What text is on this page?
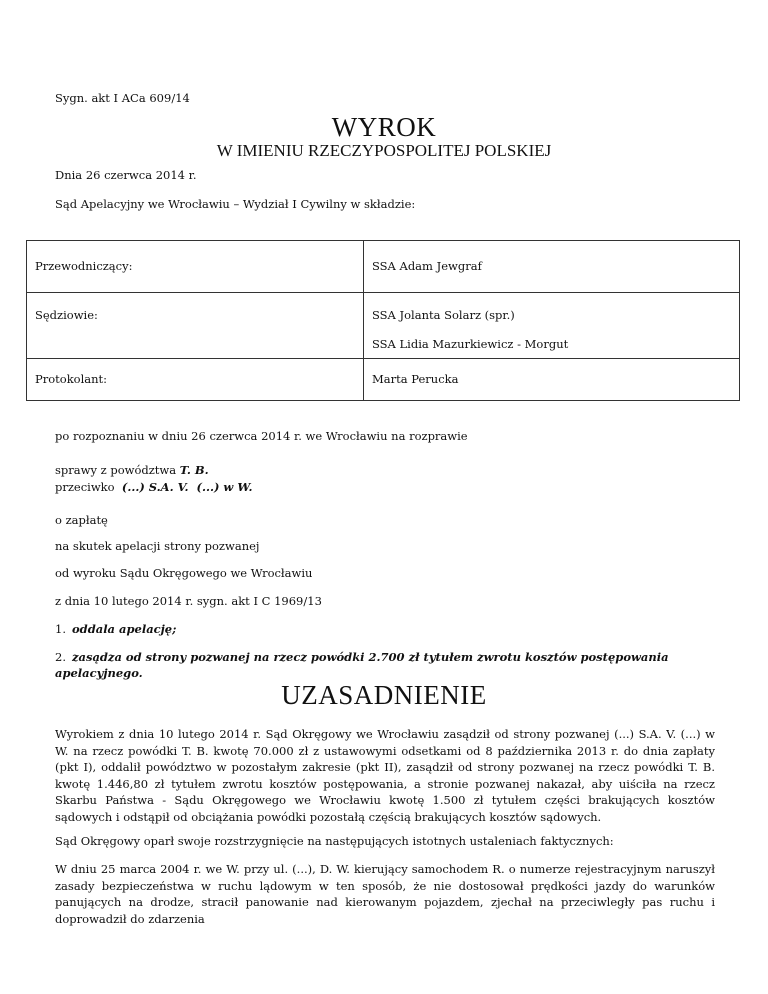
Sygn. akt I ACa 609/14
WYROK
W IMIENIU RZECZYPOSPOLITEJ POLSKIEJ
Dnia 26 czerwca 2014 r.
Sąd Apelacyjny we Wrocławiu – Wydział I Cywilny w składzie:
Przewodniczący:	SSA Adam Jewgraf

Sędziowie:	SSA Jolanta Solarz (spr.)
SSA Lidia Mazurkiewicz - Morgut

Protokolant:	Marta Perucka
po rozpoznaniu w dniu 26 czerwca 2014 r. we Wrocławiu na rozprawie
sprawy z powództwa T. B.
przeciwko  (...) S.A. V.  (...) w W.
o zapłatę
na skutek apelacji strony pozwanej
od wyroku Sądu Okręgowego we Wrocławiu
z dnia 10 lutego 2014 r. sygn. akt I C 1969/13
1. oddala apelację;
2. zasądza od strony pozwanej na rzecz powódki 2.700 zł tytułem zwrotu kosztów postępowania apelacyjnego.
UZASADNIENIE
Wyrokiem z dnia 10 lutego 2014 r. Sąd Okręgowy we Wrocławiu zasądził od strony pozwanej (...) S.A. V. (...) w W. na rzecz powódki T. B. kwotę 70.000 zł z ustawowymi odsetkami od 8 października 2013 r. do dnia zapłaty (pkt I), oddalił powództwo w pozostałym zakresie (pkt II), zasądził od strony pozwanej na rzecz powódki T. B. kwotę 1.446,80 zł tytułem zwrotu kosztów postępowania, a stronie pozwanej nakazał, aby uiściła na rzecz Skarbu Państwa - Sądu Okręgowego we Wrocławiu kwotę 1.500 zł tytułem części brakujących kosztów sądowych i odstąpił od obciążania powódki pozostałą częścią brakujących kosztów sądowych.
Sąd Okręgowy oparł swoje rozstrzygnięcie na następujących istotnych ustaleniach faktycznych:
W dniu 25 marca 2004 r. we W. przy ul. (...), D. W. kierujący samochodem R. o numerze rejestracyjnym naruszył zasady bezpieczeństwa w ruchu lądowym w ten sposób, że nie dostosował prędkości jazdy do warunków panujących na drodze, stracił panowanie nad kierowanym pojazdem, zjechał na przeciwległy pas ruchu i doprowadził do zdarzenia
